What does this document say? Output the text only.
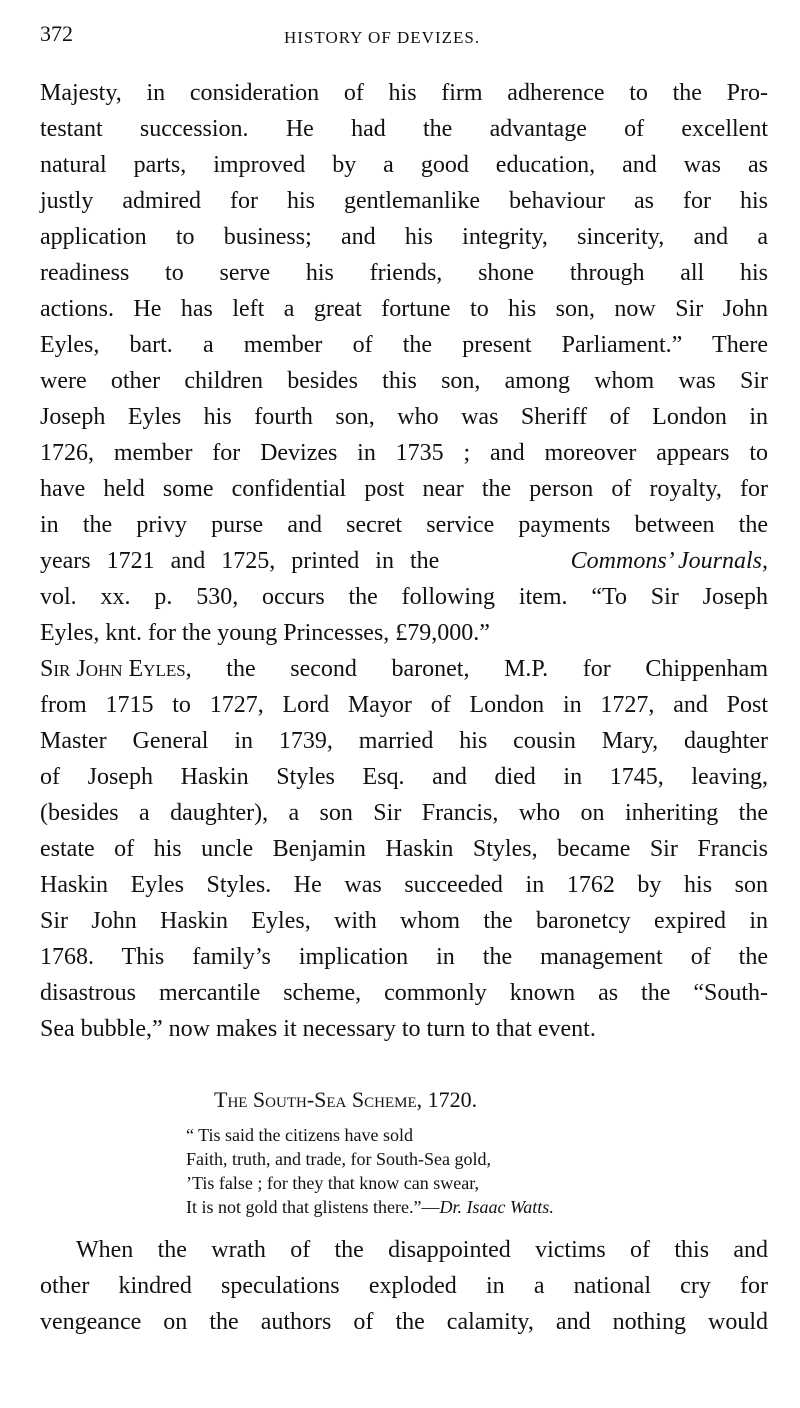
372	HISTORY OF DEVIZES.
Majesty, in consideration of his firm adherence to the Pro-
testant succession. He had the advantage of excellent
natural parts, improved by a good education, and was as
justly admired for his gentlemanlike behaviour as for his
application to business; and his integrity, sincerity, and a
readiness to serve his friends, shone through all his
actions. He has left a great fortune to his son, now Sir John
Eyles, bart. a member of the present Parliament.” There
were other children besides this son, among whom was Sir
Joseph Eyles his fourth son, who was Sheriff of London in
1726, member for Devizes in 1735 ; and moreover appears to
have held some confidential post near the person of royalty, for
in the privy purse and secret service payments between the
years 1721 and 1725, printed in the	Commons’ Journals,
vol. xx. p. 530, occurs the following item. “To Sir Joseph
Eyles, knt. for the young Princesses, £79,000.”
Sir John Eyles, the second baronet, M.P. for Chippenham
from 1715 to 1727, Lord Mayor of London in 1727, and Post
Master General in 1739, married his cousin Mary, daughter
of Joseph Haskin Styles Esq. and died in 1745, leaving,
(besides a daughter), a son Sir Francis, who on inheriting the
estate of his uncle Benjamin Haskin Styles, became Sir Francis
Haskin Eyles Styles. He was succeeded in 1762 by his son
Sir John Haskin Eyles, with whom the baronetcy expired in
1768. This family’s implication in the management of the
disastrous mercantile scheme, commonly known as the “South-
Sea bubble,” now makes it necessary to turn to that event.
The South-Sea Scheme, 1720.
“ Tis said the citizens have sold
Faith, truth, and trade, for South-Sea gold,
’Tis false ; for they that know can swear,
It is not gold that glistens there.”—Dr. Isaac Watts.
When the wrath of the disappointed victims of this and
other kindred speculations exploded in a national cry for
vengeance on the authors of the calamity, and nothing would
